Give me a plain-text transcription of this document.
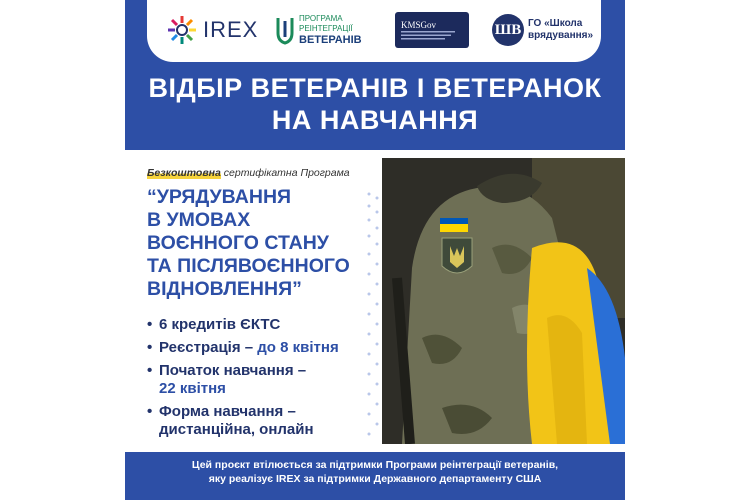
IREX	ПРОГРАМА
РЕІНТЕГРАЦІЇ
ВЕТЕРАНІВ
KMSGov	ШВ ГО «Школа
врядування»
ВІДБІР ВЕТЕРАНІВ І ВЕТЕРАНОК
НА НАВЧАННЯ
Безкоштовна сертифікатна Програма
“УРЯДУВАННЯ
В УМОВАХ
ВОЄННОГО СТАНУ
ТА ПІСЛЯВОЄННОГО
ВІДНОВЛЕННЯ”
• 6 кредитів ЄКТС
• Реєстрація – до 8 квітня
• Початок навчання –
22 квітня
• Форма навчання –
дистанційна, онлайн
Цей проєкт втілюється за підтримки Програми реінтеграції ветеранів,
яку реалізує IREX за підтримки Державного департаменту США
